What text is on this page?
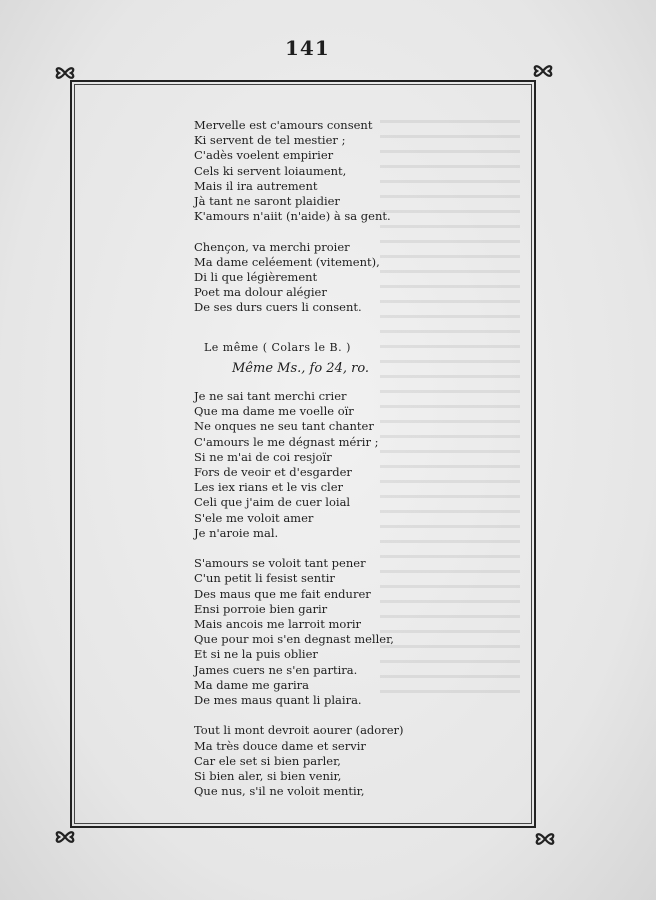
141
Mervelle est c'amours consent
Ki servent de tel mestier ;
C'adès voelent empirier
Cels ki servent loiaument,
Mais il ira autrement
Jà tant ne saront plaidier
K'amours n'aiit (n'aide) à sa gent.
Chençon, va merchi proier
Ma dame celéement (vitement),
Di li que légièrement
Poet ma dolour alégier
De ses durs cuers li consent.
Le même ( Colars le B. )
Même Ms., fo 24, ro.
Je ne sai tant merchi crier
Que ma dame me voelle oïr
Ne onques ne seu tant chanter
C'amours le me dégnast mérir ;
Si ne m'ai de coi resjoïr
Fors de veoir et d'esgarder
Les iex rians et le vis cler
Celi que j'aim de cuer loial
S'ele me voloit amer
Je n'aroie mal.
S'amours se voloit tant pener
C'un petit li fesist sentir
Des maus que me fait endurer
Ensi porroie bien garir
Mais ancois me larroit morir
Que pour moi s'en degnast meller,
Et si ne la puis oblier
James cuers ne s'en partira.
Ma dame me garira
De mes maus quant li plaira.
Tout li mont devroit aourer (adorer)
Ma très douce dame et servir
Car ele set si bien parler,
Si bien aler, si bien venir,
Que nus, s'il ne voloit mentir,
